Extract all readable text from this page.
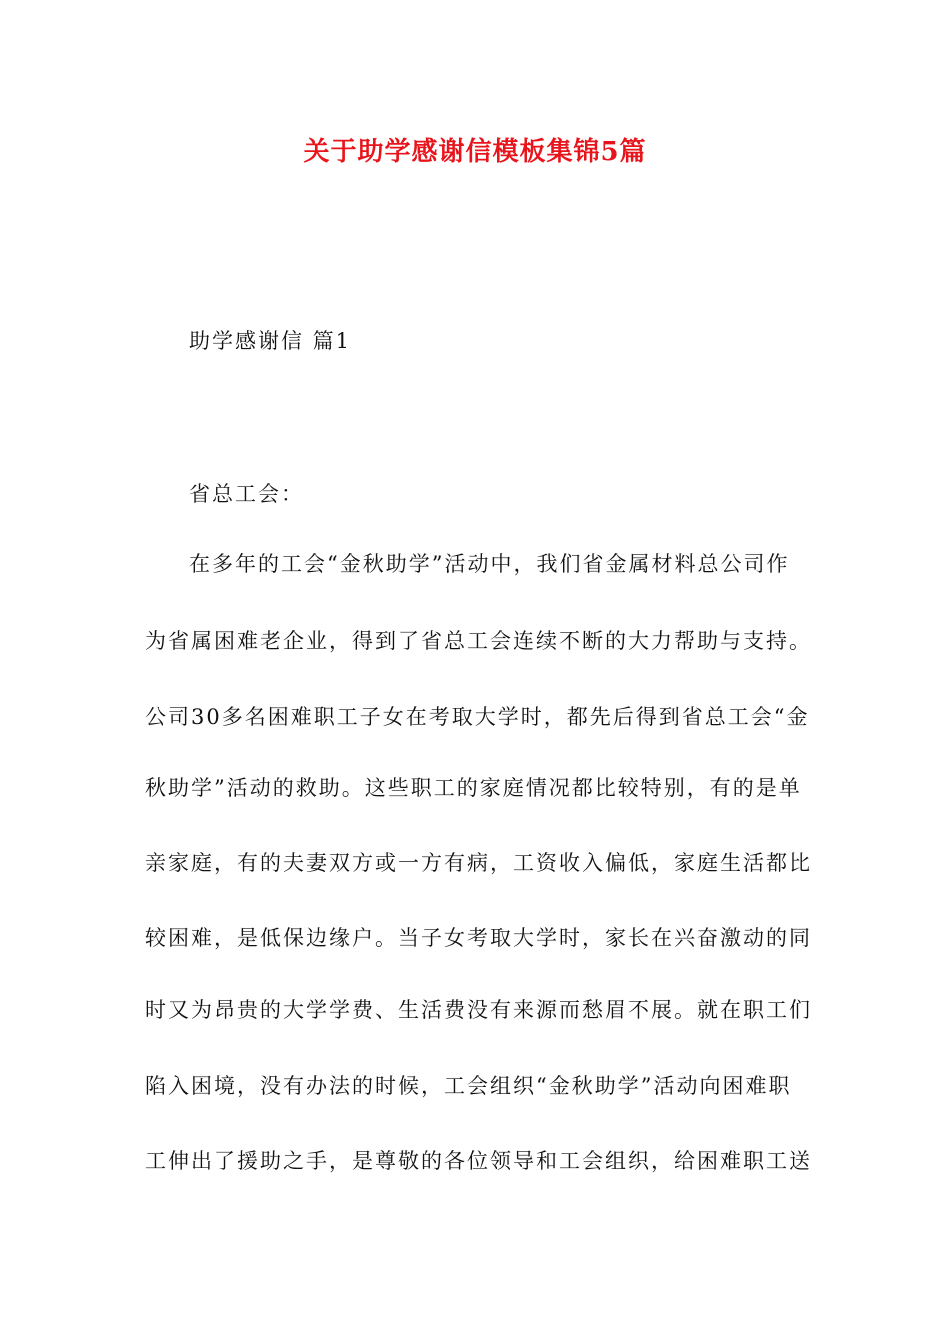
关于助学感谢信模板集锦5篇
助学感谢信 篇1
省总工会：
在多年的工会“金秋助学”活动中，我们省金属材料总公司作
为省属困难老企业，得到了省总工会连续不断的大力帮助与支持。
公司30多名困难职工子女在考取大学时，都先后得到省总工会“金
秋助学”活动的救助。这些职工的家庭情况都比较特别，有的是单
亲家庭，有的夫妻双方或一方有病，工资收入偏低，家庭生活都比
较困难，是低保边缘户。当子女考取大学时，家长在兴奋激动的同
时又为昂贵的大学学费、生活费没有来源而愁眉不展。就在职工们
陷入困境，没有办法的时候，工会组织“金秋助学”活动向困难职
工伸出了援助之手，是尊敬的各位领导和工会组织，给困难职工送
